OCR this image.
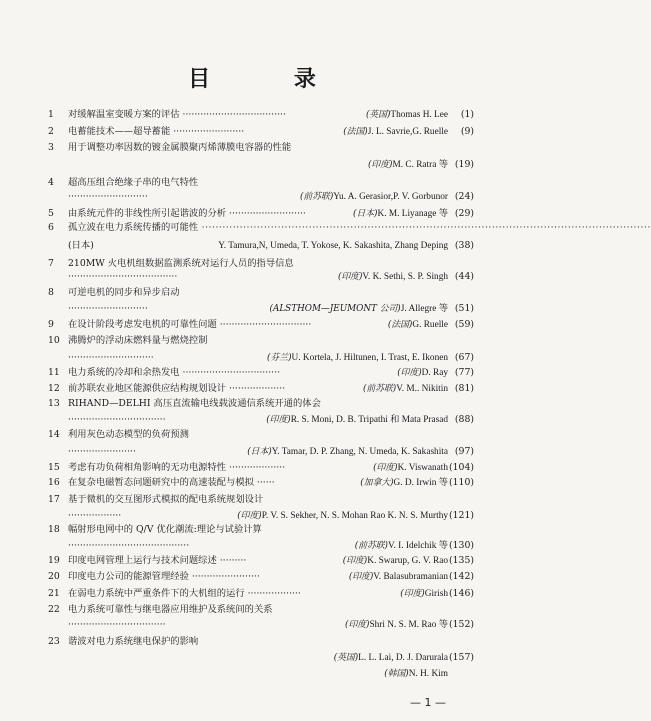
目 录
1	对缓解温室变暖方案的评估 ···································	(英国) Thomas H. Lee	(1)
2	电蓄能技术——超导蓄能 ························	(法国) J. L. Savrie,G. Ruelle	(9)
3	用于调整功率因数的镀金属膜聚丙烯薄膜电容器的性能
(印度) M. C. Ratra 等 (19)
4	超高压组合绝缘子串的电气特性
···························	(前苏联) Yu. A. Gerasior,P. V. Gorbunor (24)
5	由系统元件的非线性所引起谐波的分析 ··························	(日本) K. M. Liyanage 等 (29)
6	孤立波在电力系统传播的可能性 ·····
(日本)	Y. Tamura,N, Umeda, T. Yokose, K. Sakashita, Zhang Deping (38)
7	210MW 火电机组数据监测系统对运行人员的指导信息
·····································	(印度) V. K. Sethi, S. P. Singh (44)
8	可逆电机的同步和异步启动
···························	(ALSTHOM—JEUMONT 公司) J. Allegre 等 (51)
9	在设计阶段考虑发电机的可靠性问题 ·······························	(法国) G. Ruelle (59)
10 沸腾炉的浮动床燃料量与燃烧控制
·····························	(芬兰) U. Kortela, J. Hiltunen, I. Trast, E. Ikonen (67)
11 电力系统的冷却和余热发电 ·································	(印度) D. Ray (77)
12 前苏联农业地区能源供应结构规划设计 ···················	(前苏联) V. M.. Nikitin (81)
13 RIHAND—DELHI 高压直流输电线载波通信系统开通的体会
·································	(印度) R. S. Moni, D. B. Tripathi 和 Mata Prasad (88)
14 利用灰色动态模型的负荷预测
·······················	(日本) Y. Tamar, D. P. Zhang, N. Umeda, K. Sakashita (97)
15 考虑有功负荷相角影响的无功电源特性 ···················	(印度) K. Viswanath (104)
16 在复杂电磁暂态问题研究中的高速装配与模拟 ······	(加拿大) G. D. Irwin 等 (110)
17 基于微机的交互图形式模拟的配电系统规划设计
··················	(印度) P. V. S. Sekher, N. S. Mohan Rao K. N. S. Murthy (121)
18 幅射形电网中的 Q/V 优化潮流:理论与试验计算
·········································	(前苏联) V. I. Idelchik 等 (130)
19 印度电网管理上运行与技术问题综述 ·········	(印度) K. Swarup, G. V. Rao (135)
20 印度电力公司的能源管理经验 ·······················	(印度) V. Balasubramanian (142)
21 在弱电力系统中严重条件下的大机组的运行 ··················	(印度) Girish (146)
22 电力系统可靠性与继电器应用维护及系统间的关系
·································	(印度) Shri N. S. M. Rao 等 (152)
23 谐波对电力系统继电保护的影响
(英国) L. L. Lai, D. J. Darurala (157)
(韩国) N. H. Kim
— 1 —
